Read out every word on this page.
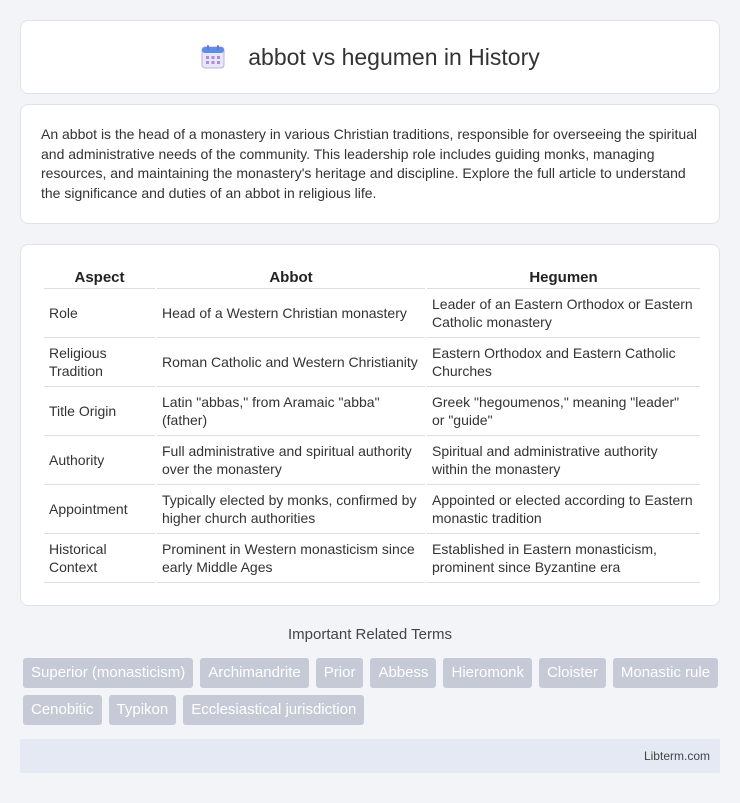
abbot vs hegumen in History

An abbot is the head of a monastery in various Christian traditions, responsible for overseeing the spiritual and administrative needs of the community. This leadership role includes guiding monks, managing resources, and maintaining the monastery's heritage and discipline. Explore the full article to understand the significance and duties of an abbot in religious life.

Aspect	Abbot	Hegumen
Role	Head of a Western Christian monastery	Leader of an Eastern Orthodox or Eastern Catholic monastery
Religious Tradition	Roman Catholic and Western Christianity	Eastern Orthodox and Eastern Catholic Churches
Title Origin	Latin "abbas," from Aramaic "abba" (father)	Greek "hegoumenos," meaning "leader" or "guide"
Authority	Full administrative and spiritual authority over the monastery	Spiritual and administrative authority within the monastery
Appointment	Typically elected by monks, confirmed by higher church authorities	Appointed or elected according to Eastern monastic tradition
Historical Context	Prominent in Western monasticism since early Middle Ages	Established in Eastern monasticism, prominent since Byzantine era
Important Related Terms
Superior (monasticism)	Archimandrite	Prior	Abbess	Hieromonk	Cloister	Monastic rule
Cenobitic	Typikon	Ecclesiastical jurisdiction
Libterm.com
